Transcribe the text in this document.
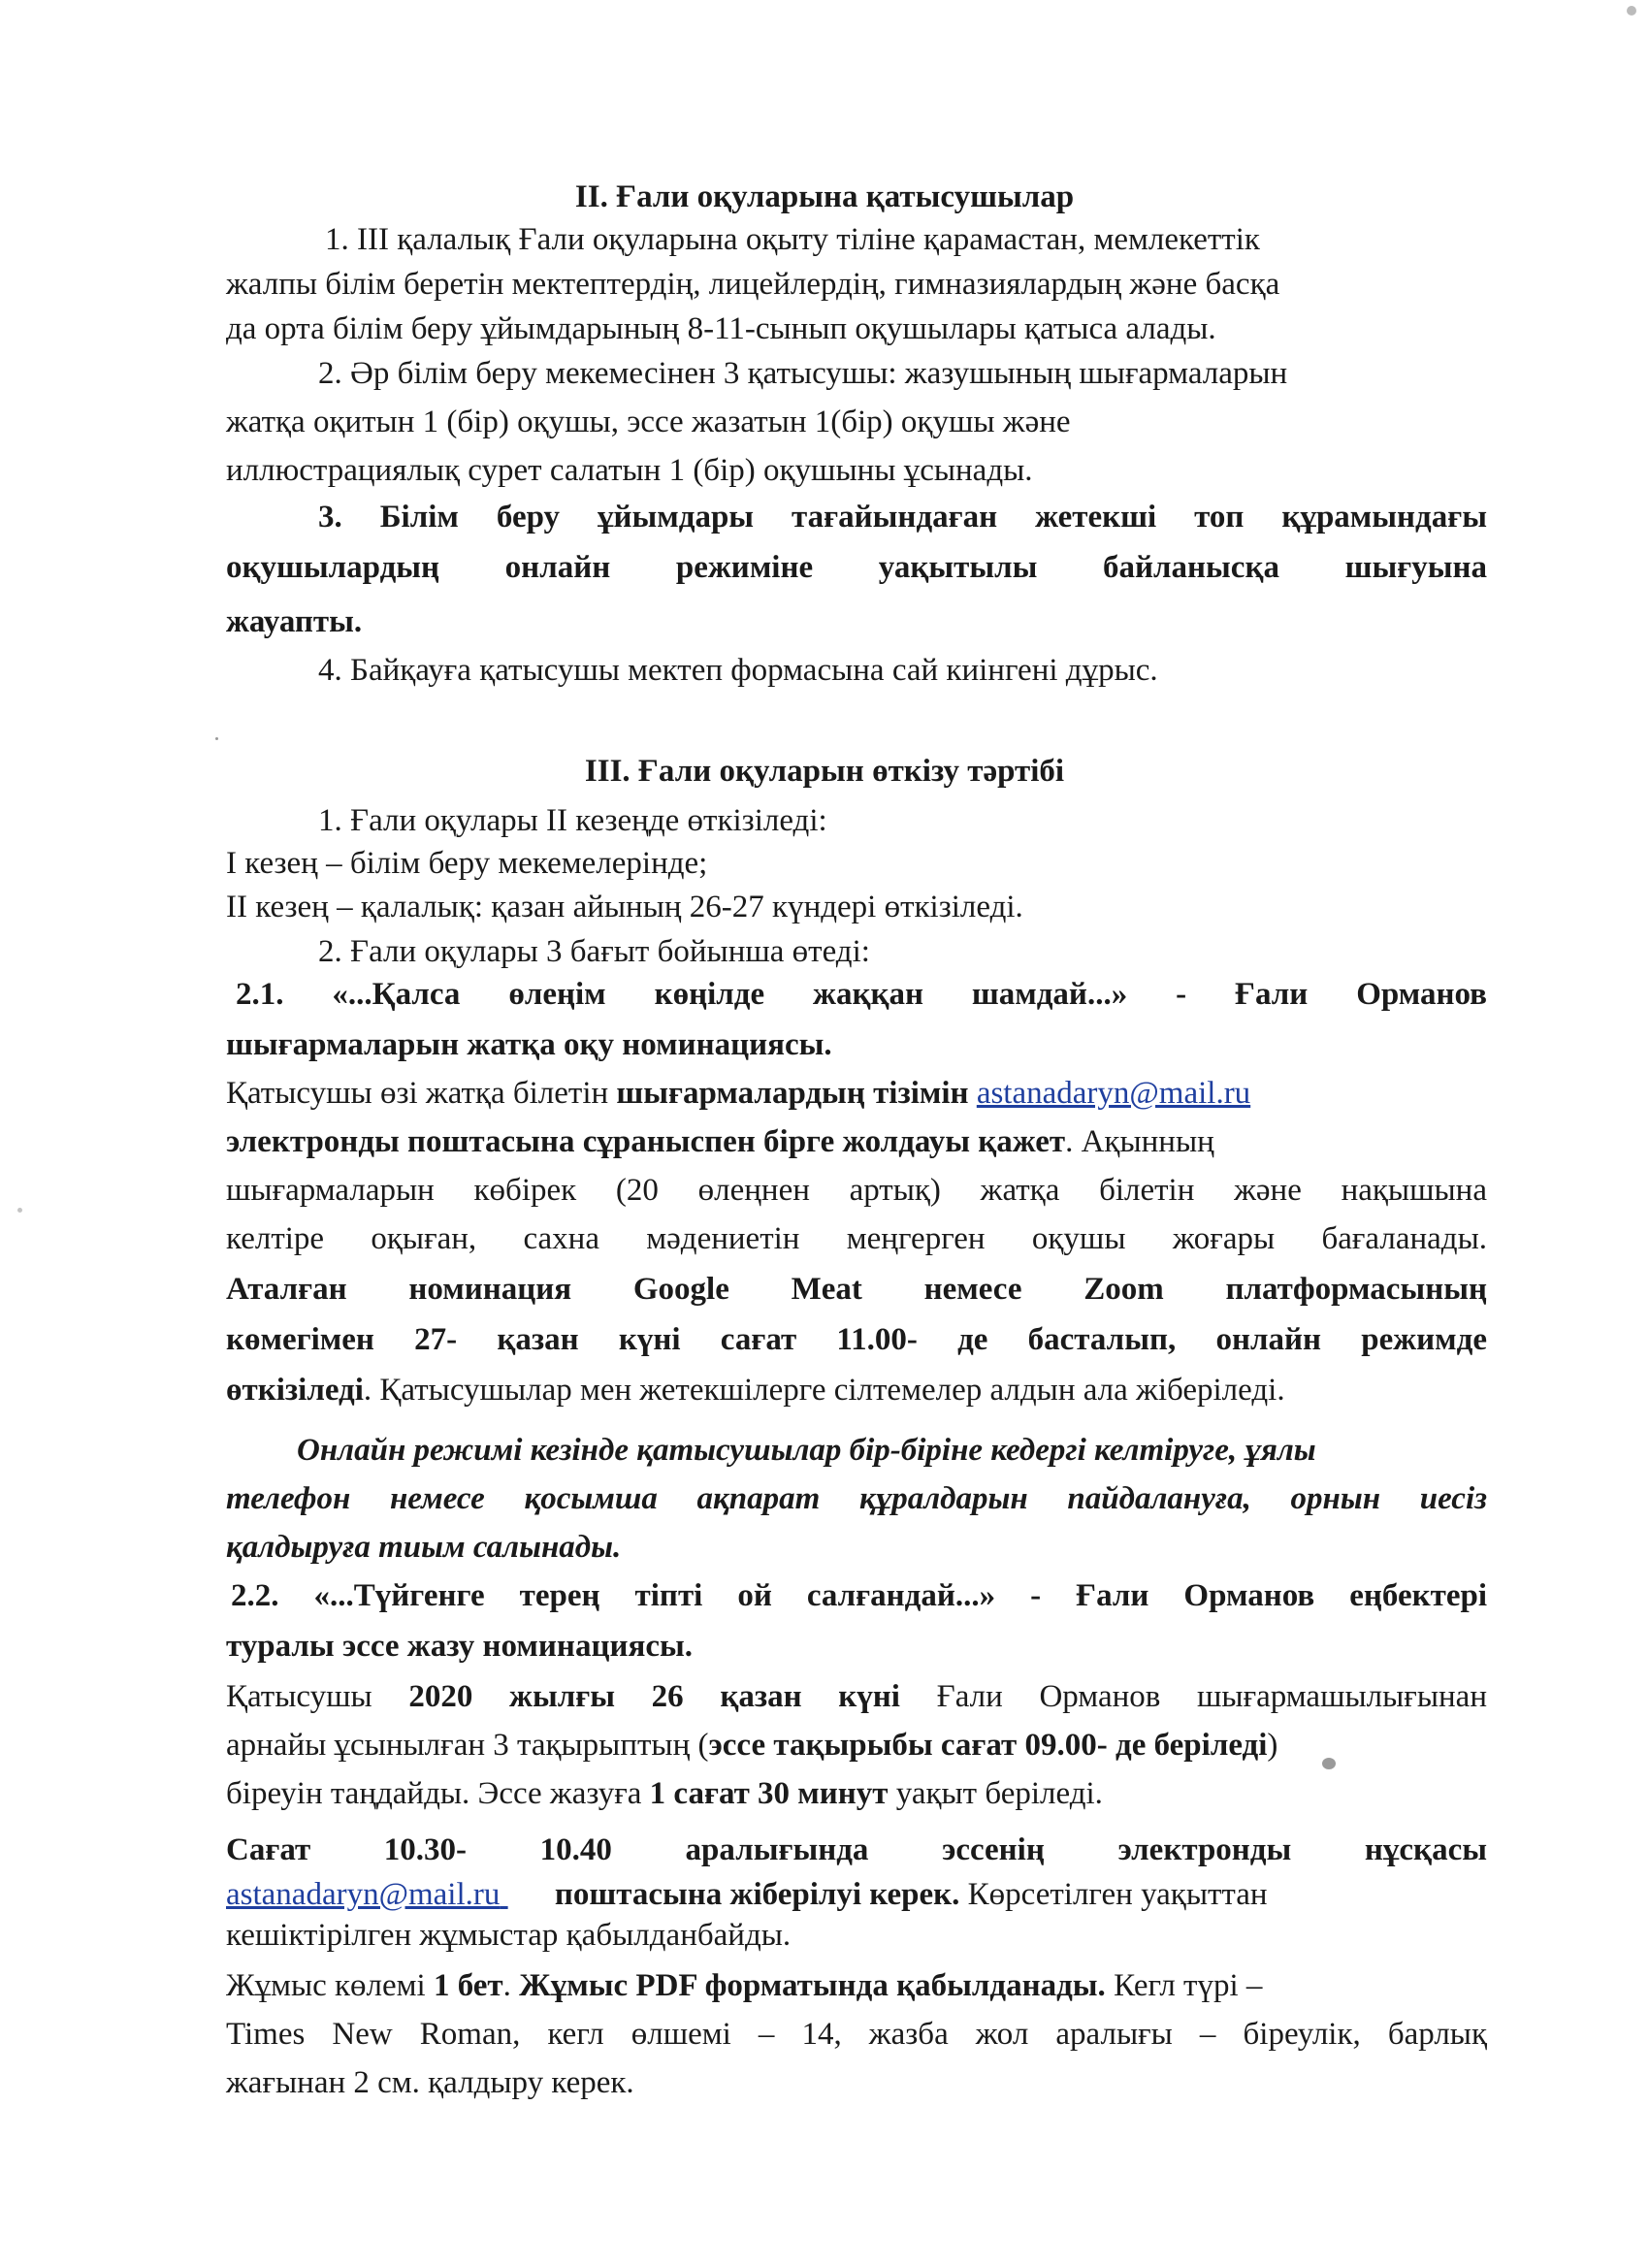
II. Ғали оқуларына қатысушылар
1. III қалалық Ғали оқуларына оқыту тіліне қарамастан, мемлекеттік
жалпы білім беретін мектептердің, лицейлердің, гимназиялардың және басқа
да орта білім беру ұйымдарының 8-11-сынып оқушылары қатыса алады.
2. Әр білім беру мекемесінен 3 қатысушы: жазушының шығармаларын
жатқа оқитын 1 (бір) оқушы, эссе жазатын 1(бір) оқушы және
иллюстрациялық сурет салатын 1 (бір) оқушыны ұсынады.
3. Білім беру ұйымдары тағайындаған жетекші топ құрамындағы
оқушылардың онлайн режиміне уақытылы байланысқа шығуына
жауапты.
4. Байқауға қатысушы мектеп формасына сай киінгені дұрыс.
III. Ғали оқуларын өткізу тәртібі
1. Ғали оқулары II кезеңде өткізіледі:
І кезең – білім беру мекемелерінде;
ІІ кезең – қалалық: қазан айының 26-27 күндері өткізіледі.
2. Ғали оқулары 3 бағыт бойынша өтеді:
2.1. «...Қалса өлеңім көңілде жаққан шамдай...» - Ғали Орманов
шығармаларын жатқа оқу номинациясы.
Қатысушы өзі жатқа білетін шығармалардың тізімін astanadaryn@mail.ru
электронды поштасына сұраныспен бірге жолдауы қажет. Ақынның
шығармаларын көбірек (20 өлеңнен артық) жатқа білетін және нақышына
келтіре оқыған, сахна мәдениетін меңгерген оқушы жоғары бағаланады.
Аталған номинация Google Meat немесе Zoom платформасының
көмегімен 27- қазан күні сағат 11.00- де басталып, онлайн режимде
өткізіледі. Қатысушылар мен жетекшілерге сілтемелер алдын ала жіберіледі.
Онлайн режимі кезінде қатысушылар бір-біріне кедергі келтіруге, ұялы
телефон немесе қосымша ақпарат құралдарын пайдалануға, орнын иесіз
қалдыруға тиым салынады.
2.2. «...Түйгенге терең тіпті ой салғандай...» - Ғали Орманов еңбектері
туралы эссе жазу номинациясы.
Қатысушы 2020 жылғы 26 қазан күні Ғали Орманов шығармашылығынан
арнайы ұсынылған 3 тақырыптың (эссе тақырыбы сағат 09.00- де беріледі)
біреуін таңдайды. Эссе жазуға 1 сағат 30 минут уақыт беріледі.
Сағат 10.30- 10.40 аралығында эссенің электронды нұсқасы
astanadaryn@mail.ru поштасына жіберілуі керек. Көрсетілген уақыттан
кешіктірілген жұмыстар қабылданбайды.
Жұмыс көлемі 1 бет. Жұмыс PDF форматында қабылданады. Кегл түрі –
Times New Roman, кегл өлшемі – 14, жазба жол аралығы – біреулік, барлық
жағынан 2 см. қалдыру керек.
